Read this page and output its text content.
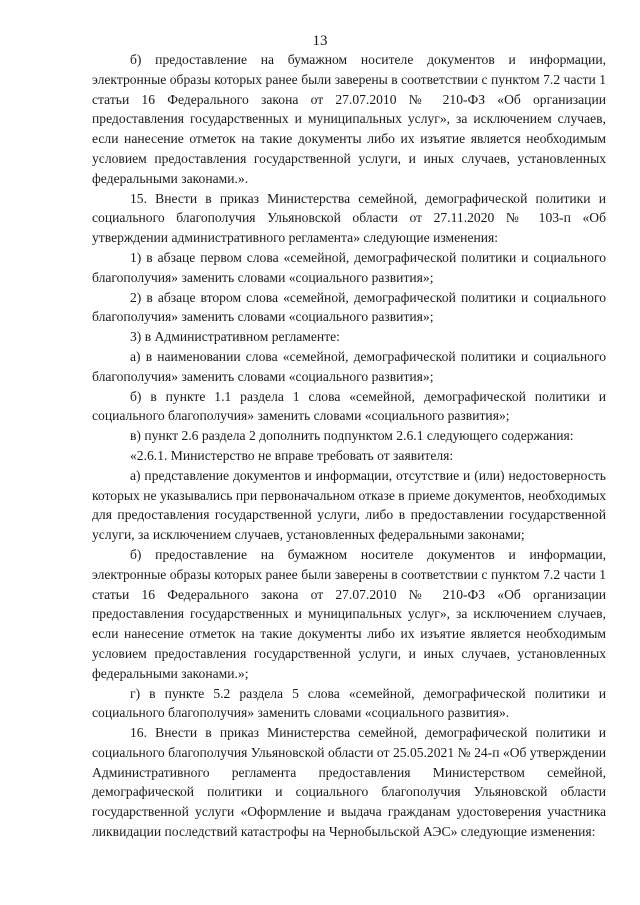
13

б) предоставление на бумажном носителе документов и информации, электронные образы которых ранее были заверены в соответствии с пунктом 7.2 части 1 статьи 16 Федерального закона от 27.07.2010 № 210-ФЗ «Об организации предоставления государственных и муниципальных услуг», за исключением случаев, если нанесение отметок на такие документы либо их изъятие является необходимым условием предоставления государственной услуги, и иных случаев, установленных федеральными законами.».

15. Внести в приказ Министерства семейной, демографической политики и социального благополучия Ульяновской области от 27.11.2020 № 103-п «Об утверждении административного регламента» следующие изменения:

1) в абзаце первом слова «семейной, демографической политики и социального благополучия» заменить словами «социального развития»;

2) в абзаце втором слова «семейной, демографической политики и социального благополучия» заменить словами «социального развития»;

3) в Административном регламенте:

а) в наименовании слова «семейной, демографической политики и социального благополучия» заменить словами «социального развития»;

б) в пункте 1.1 раздела 1 слова «семейной, демографической политики и социального благополучия» заменить словами «социального развития»;

в) пункт 2.6 раздела 2 дополнить подпунктом 2.6.1 следующего содержания:

«2.6.1. Министерство не вправе требовать от заявителя:

а) представление документов и информации, отсутствие и (или) недостоверность которых не указывались при первоначальном отказе в приеме документов, необходимых для предоставления государственной услуги, либо в предоставлении государственной услуги, за исключением случаев, установленных федеральными законами;

б) предоставление на бумажном носителе документов и информации, электронные образы которых ранее были заверены в соответствии с пунктом 7.2 части 1 статьи 16 Федерального закона от 27.07.2010 № 210-ФЗ «Об организации предоставления государственных и муниципальных услуг», за исключением случаев, если нанесение отметок на такие документы либо их изъятие является необходимым условием предоставления государственной услуги, и иных случаев, установленных федеральными законами.»;

г) в пункте 5.2 раздела 5 слова «семейной, демографической политики и социального благополучия» заменить словами «социального развития».

16. Внести в приказ Министерства семейной, демографической политики и социального благополучия Ульяновской области от 25.05.2021 № 24-п «Об утверждении Административного регламента предоставления Министерством семейной, демографической политики и социального благополучия Ульяновской области государственной услуги «Оформление и выдача гражданам удостоверения участника ликвидации последствий катастрофы на Чернобыльской АЭС» следующие изменения:
